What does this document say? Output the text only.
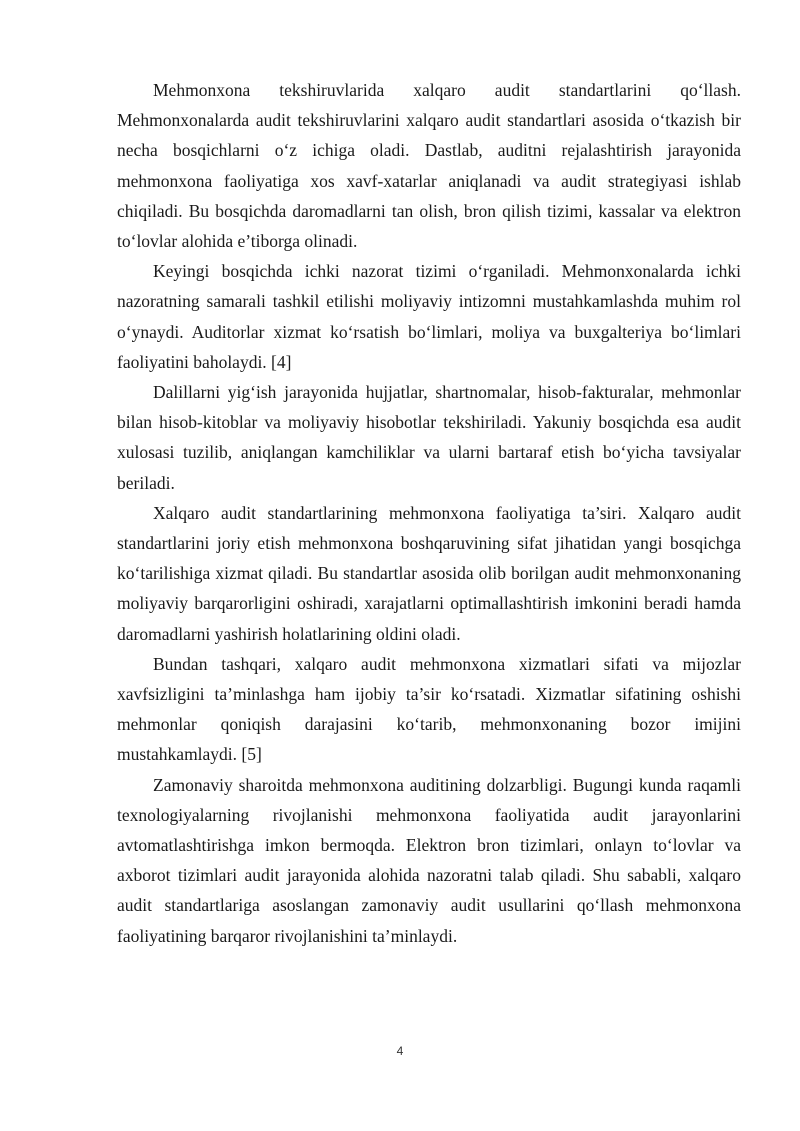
Mehmonxona tekshiruvlarida xalqaro audit standartlarini qo‘llash. Mehmonxonalarda audit tekshiruvlarini xalqaro audit standartlari asosida o‘tkazish bir necha bosqichlarni o‘z ichiga oladi. Dastlab, auditni rejalashtirish jarayonida mehmonxona faoliyatiga xos xavf-xatarlar aniqlanadi va audit strategiyasi ishlab chiqiladi. Bu bosqichda daromadlarni tan olish, bron qilish tizimi, kassalar va elektron to‘lovlar alohida e’tiborga olinadi.

Keyingi bosqichda ichki nazorat tizimi o‘rganiladi. Mehmonxonalarda ichki nazoratning samarali tashkil etilishi moliyaviy intizomni mustahkamlashda muhim rol o‘ynaydi. Auditorlar xizmat ko‘rsatish bo‘limlari, moliya va buxgalteriya bo‘limlari faoliyatini baholaydi. [4]

Dalillarni yig‘ish jarayonida hujjatlar, shartnomalar, hisob-fakturalar, mehmonlar bilan hisob-kitoblar va moliyaviy hisobotlar tekshiriladi. Yakuniy bosqichda esa audit xulosasi tuzilib, aniqlangan kamchiliklar va ularni bartaraf etish bo‘yicha tavsiyalar beriladi.

Xalqaro audit standartlarining mehmonxona faoliyatiga ta’siri. Xalqaro audit standartlarini joriy etish mehmonxona boshqaruvining sifat jihatidan yangi bosqichga ko‘tarilishiga xizmat qiladi. Bu standartlar asosida olib borilgan audit mehmonxonaning moliyaviy barqarorligini oshiradi, xarajatlarni optimallashtirish imkonini beradi hamda daromadlarni yashirish holatlarining oldini oladi.

Bundan tashqari, xalqaro audit mehmonxona xizmatlari sifati va mijozlar xavfsizligini ta’minlashga ham ijobiy ta’sir ko‘rsatadi. Xizmatlar sifatining oshishi mehmonlar qoniqish darajasini ko‘tarib, mehmonxonaning bozor imijini mustahkamlaydi. [5]

Zamonaviy sharoitda mehmonxona auditining dolzarbligi. Bugungi kunda raqamli texnologiyalarning rivojlanishi mehmonxona faoliyatida audit jarayonlarini avtomatlashtirishga imkon bermoqda. Elektron bron tizimlari, onlayn to‘lovlar va axborot tizimlari audit jarayonida alohida nazoratni talab qiladi. Shu sababli, xalqaro audit standartlariga asoslangan zamonaviy audit usullarini qo‘llash mehmonxona faoliyatining barqaror rivojlanishini ta’minlaydi.

4
